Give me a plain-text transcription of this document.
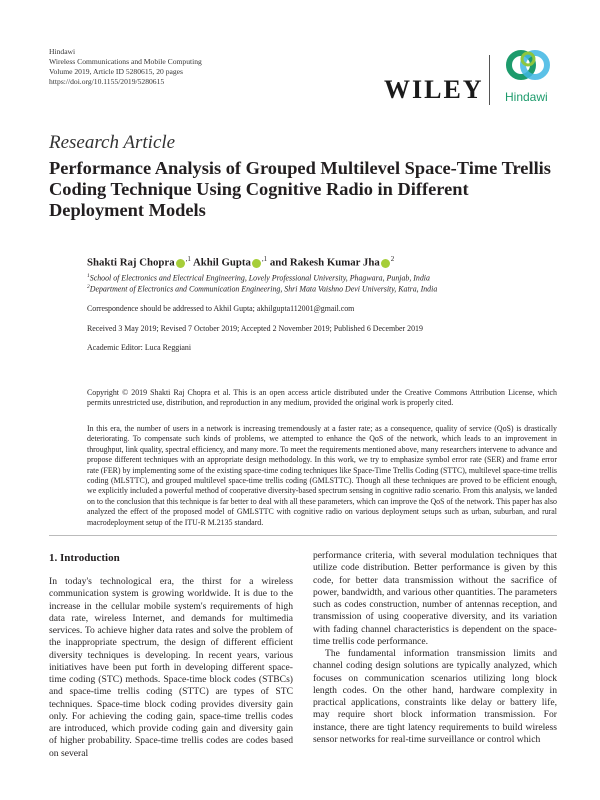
Hindawi
Wireless Communications and Mobile Computing
Volume 2019, Article ID 5280615, 20 pages
https://doi.org/10.1155/2019/5280615	WILEY Hindawi
Research Article
Performance Analysis of Grouped Multilevel Space-Time Trellis Coding Technique Using Cognitive Radio in Different Deployment Models
Shakti Raj Chopra $^{,1}$ Akhil Gupta $^{,1}$ and Rakesh Kumar Jha $^2$
$^1$School of Electronics and Electrical Engineering, Lovely Professional University, Phagwara, Punjab, India
$^2$Department of Electronics and Communication Engineering, Shri Mata Vaishno Devi University, Katra, India
Correspondence should be addressed to Akhil Gupta; akhilgupta112001@gmail.com
Received 3 May 2019; Revised 7 October 2019; Accepted 2 November 2019; Published 6 December 2019
Academic Editor: Luca Reggiani
Copyright © 2019 Shakti Raj Chopra et al. This is an open access article distributed under the Creative Commons Attribution License, which permits unrestricted use, distribution, and reproduction in any medium, provided the original work is properly cited.
In this era, the number of users in a network is increasing tremendously at a faster rate; as a consequence, quality of service (QoS) is drastically deteriorating. To compensate such kinds of problems, we attempted to enhance the QoS of the network, which leads to an improvement in throughput, link quality, spectral efficiency, and many more. To meet the requirements mentioned above, many researchers intervene to advance and propose different techniques with an appropriate design methodology. In this work, we try to emphasize symbol error rate (SER) and frame error rate (FER) by implementing some of the existing space-time coding techniques like Space-Time Trellis Coding (STTC), multilevel space-time trellis coding (MLSTTC), and grouped multilevel space-time trellis coding (GMLSTTC). Though all these techniques are proved to be efficient enough, we explicitly included a powerful method of cooperative diversity-based spectrum sensing in cognitive radio scenario. From this analysis, we landed on to the conclusion that this technique is far better to deal with all these parameters, which can improve the QoS of the network. This paper has also analyzed the effect of the proposed model of GMLSTTC with cognitive radio on various deployment setups such as urban, suburban, and rural macrodeployment setup of the ITU-R M.2135 standard.
1. Introduction

In today's technological era, the thirst for a wireless communication system is growing worldwide. It is due to the increase in the cellular mobile system's requirements of high data rate, wireless Internet, and demands for multimedia services. To achieve higher data rates and solve the problem of the inappropriate spectrum, the design of different efficient diversity techniques is developing. In recent years, various initiatives have been put forth in developing different space-time coding (STC) methods. Space-time block codes (STBCs) and space-time trellis coding (STTC) are types of STC techniques. Space-time block coding provides diversity gain only. For achieving the coding gain, space-time trellis codes are introduced, which provide coding gain and diversity gain of higher probability. Space-time trellis codes are codes based on several

performance criteria, with several modulation techniques that utilize code distribution. Better performance is given by this code, for better data transmission without the sacrifice of power, bandwidth, and various other quantities. The parameters such as codes construction, number of antennas reception, and transmission of using cooperative diversity, and its variation with fading channel characteristics is dependent on the space-time trellis code performance.

The fundamental information transmission limits and channel coding design solutions are typically analyzed, which focuses on communication scenarios utilizing long block length codes. On the other hand, hardware complexity in practical applications, constraints like delay or battery life, may require short block information transmission. For instance, there are tight latency requirements to build wireless sensor networks for real-time surveillance or control which
